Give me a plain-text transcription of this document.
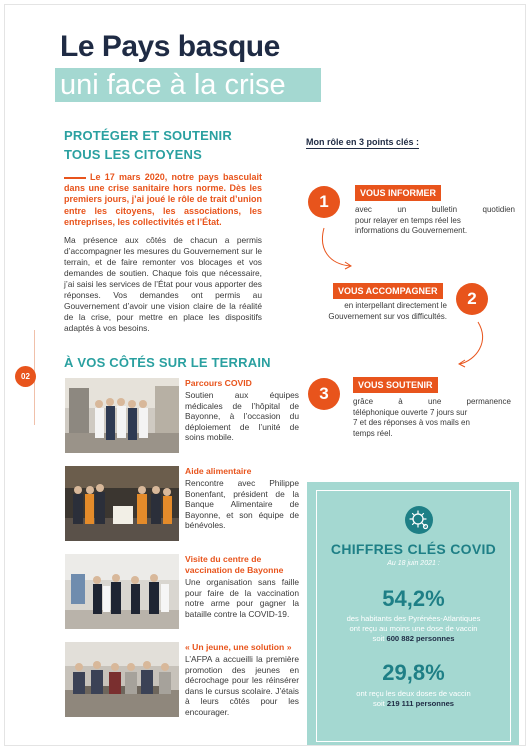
Le Pays basque
uni face à la crise
PROTÉGER ET SOUTENIR
TOUS LES CITOYENS
Le 17 mars 2020, notre pays basculait dans une crise sanitaire hors norme. Dès les premiers jours, j’ai joué le rôle de trait d’union entre les citoyens, les associations, les entreprises, les collectivités et l’État.
Ma présence aux côtés de chacun a permis d’accompagner les mesures du Gouvernement sur le terrain, et de faire remonter vos blocages et vos demandes de soutien. Chaque fois que nécessaire, j’ai saisi les services de l’État pour vous apporter des réponses. Vos demandes ont permis au Gouvernement d’avoir une vision claire de la réalité de la crise, pour mettre en place les dispositifs adaptés à vos besoins.
02
À VOS CÔTÉS SUR LE TERRAIN
Parcours COVID
Soutien aux équipes médicales de l’hôpital de Bayonne, à l’occasion du déploiement de l’unité de soins mobile.
Aide alimentaire
Rencontre avec Philippe Bonenfant, président de la Banque Alimentaire de Bayonne, et son équipe de bénévoles.
Visite du centre de
vaccination de Bayonne
Une organisation sans faille pour faire de la vaccination notre arme pour gagner la bataille contre la COVID-19.
« Un jeune, une solution »
L’AFPA a accueilli la première promotion des jeunes en décrochage pour les réinsérer dans le cursus scolaire. J’étais à leurs côtés pour les encourager.
Mon rôle en 3 points clés :
1	VOUS INFORMER
avec un bulletin quotidien
pour relayer en temps réel les
informations du Gouvernement.
VOUS ACCOMPAGNER	2
en interpellant directement le
Gouvernement sur vos difficultés.
3	VOUS SOUTENIR
grâce à une permanence
téléphonique ouverte 7 jours sur
7 et des réponses à vos mails en
temps réel.
CHIFFRES CLÉS COVID
Au 18 juin 2021 :
54,2%
des habitants des Pyrénées-Atlantiques
ont reçu au moins une dose de vaccin
soit 600 882 personnes
29,8%
ont reçu les deux doses de vaccin
soit 219 111 personnes
